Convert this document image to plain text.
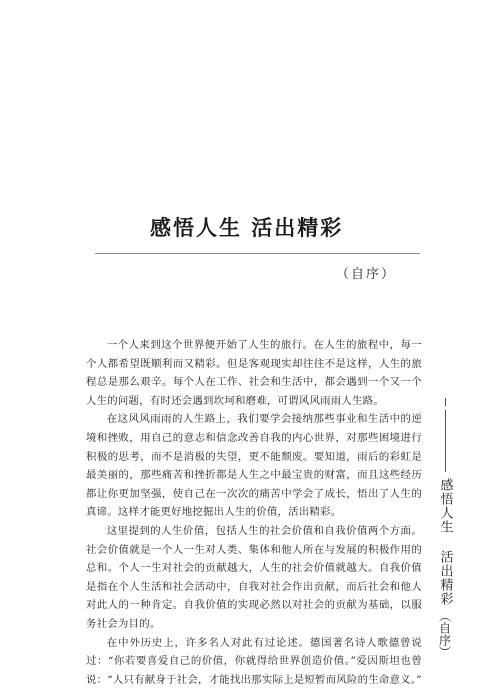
感悟人生 活出精彩
（自序）

一个人来到这个世界便开始了人生的旅行。在人生的旅程中，每一个人都希望既顺利而又精彩。但是客观现实却往往不是这样，人生的旅程总是那么艰辛。每个人在工作、社会和生活中，都会遇到一个又一个人生的问题，有时还会遇到坎坷和磨难，可谓风风雨雨人生路。

在这风风雨雨的人生路上，我们要学会接纳那些事业和生活中的逆境和挫败，用自己的意志和信念改善自我的内心世界，对那些困境进行积极的思考，而不是消极的失望，更不能颓废。要知道，雨后的彩虹是最美丽的，那些痛苦和挫折都是人生之中最宝贵的财富，而且这些经历都让你更加坚强，使自己在一次次的痛苦中学会了成长，悟出了人生的真谛。这样才能更好地挖掘出人生的价值，活出精彩。

这里提到的人生价值，包括人生的社会价值和自我价值两个方面。社会价值就是一个人一生对人类、集体和他人所在与发展的积极作用的总和。个人一生对社会的贡献越大，人生的社会价值就越大。自我价值是指在个人生活和社会活动中，自我对社会作出贡献，而后社会和他人对此人的一种肯定。自我价值的实现必然以对社会的贡献为基础，以服务社会为目的。

在中外历史上，许多名人对此有过论述。德国著名诗人歌德曾说过：“你若要喜爱自己的价值，你就得给世界创造价值。”爱因斯坦也曾说：“人只有献身于社会，才能找出那实际上是短暂而风险的生命意义。”

感悟人生 活出精彩
（自序）
